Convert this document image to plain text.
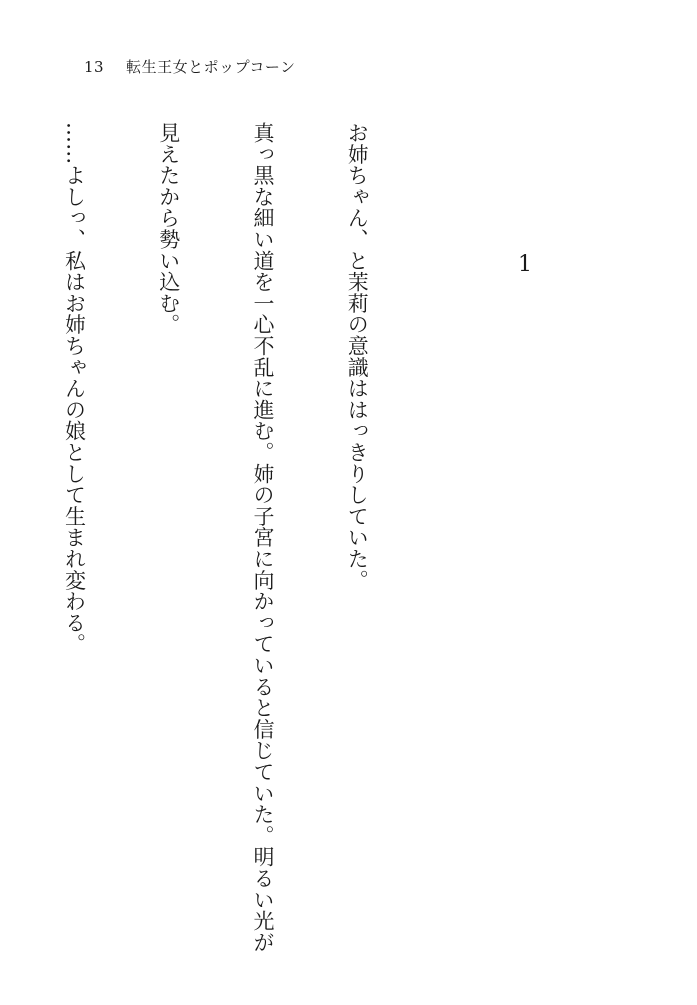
13 転生王女とポップコーン
1

お姉ちゃん、と茉莉の意識ははっきりしていた。

真っ黒な細い道を一心不乱に進む。姉の子宮に向かっていると信じていた。明るい光が

見えたから勢い込む。

……よしっ、私はお姉ちゃんの娘として生まれ変わる。
